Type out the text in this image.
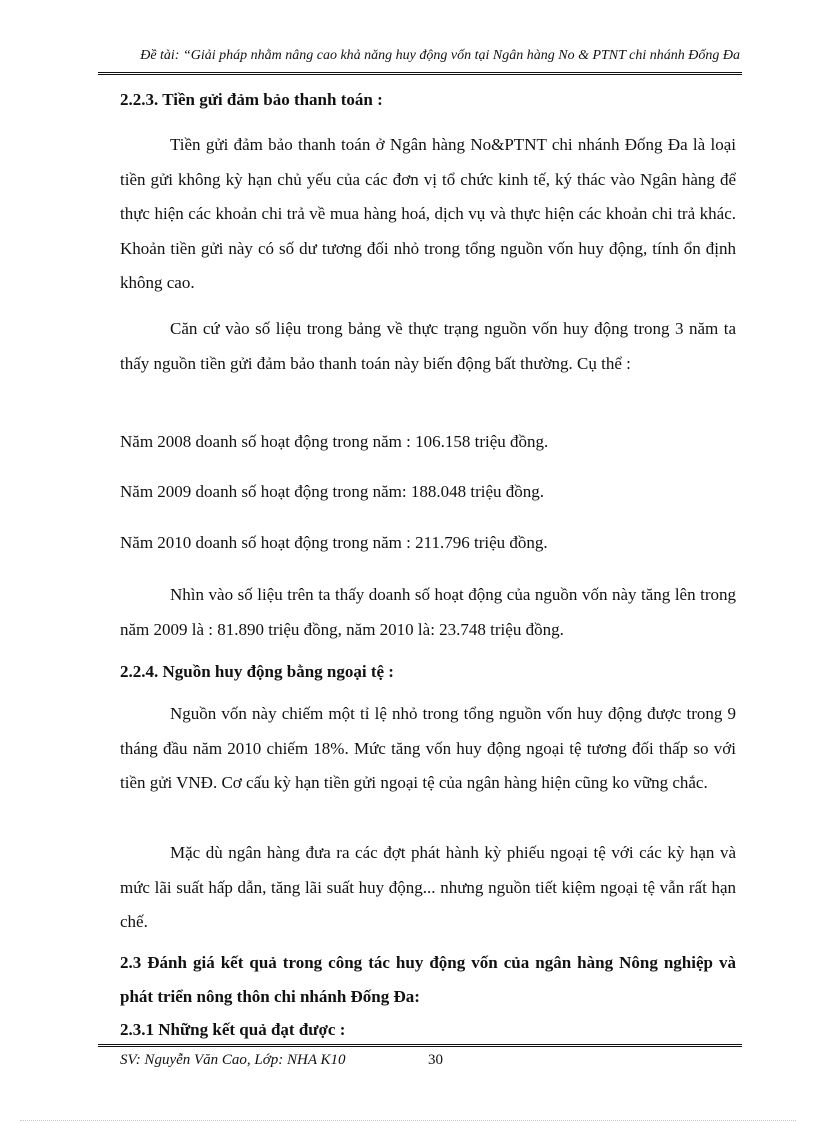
Đề tài: “Giải pháp nhằm nâng cao khả năng huy động vốn tại Ngân hàng No & PTNT chi nhánh Đống Đa
2.2.3. Tiền gửi đảm bảo thanh toán :
Tiền gửi đảm bảo thanh toán ở Ngân hàng No&PTNT chi nhánh Đống Đa là loại tiền gửi không kỳ hạn chủ yếu của các đơn vị tổ chức kinh tế, ký thác vào Ngân hàng để thực hiện các khoản chi trả về mua hàng hoá, dịch vụ và thực hiện các khoản chi trả khác. Khoản tiền gửi này có số dư tương đối nhỏ trong tổng nguồn vốn huy động, tính ổn định không cao.
Căn cứ vào số liệu trong bảng về thực trạng nguồn vốn huy động trong 3 năm ta thấy nguồn tiền gửi đảm bảo thanh toán này biến động bất thường. Cụ thể :
Năm 2008 doanh số hoạt động trong năm : 106.158 triệu đồng.
Năm 2009 doanh số hoạt động trong năm: 188.048 triệu đồng.
Năm 2010 doanh số hoạt động trong năm : 211.796 triệu đồng.
Nhìn vào số liệu trên ta thấy doanh số hoạt động của nguồn vốn này tăng lên trong năm 2009 là : 81.890 triệu đồng, năm 2010 là: 23.748 triệu đồng.
2.2.4. Nguồn huy động bằng ngoại tệ :
Nguồn vốn này chiếm một tỉ lệ nhỏ trong tổng nguồn vốn huy động được trong 9 tháng đầu năm 2010 chiếm 18%. Mức tăng vốn huy động ngoại tệ tương đối thấp so với tiền gửi VNĐ. Cơ cấu kỳ hạn tiền gửi ngoại tệ của ngân hàng hiện cũng ko vững chắc.
Mặc dù ngân hàng đưa ra các đợt phát hành kỳ phiếu ngoại tệ với các kỳ hạn và mức lãi suất hấp dẫn, tăng lãi suất huy động... nhưng nguồn tiết kiệm ngoại tệ vẫn rất hạn chế.
2.3 Đánh giá kết quả trong công tác huy động vốn của ngân hàng Nông nghiệp và phát triển nông thôn chi nhánh Đống Đa:
2.3.1 Những kết quả đạt được :
SV: Nguyễn Văn Cao, Lớp: NHA K10	30
